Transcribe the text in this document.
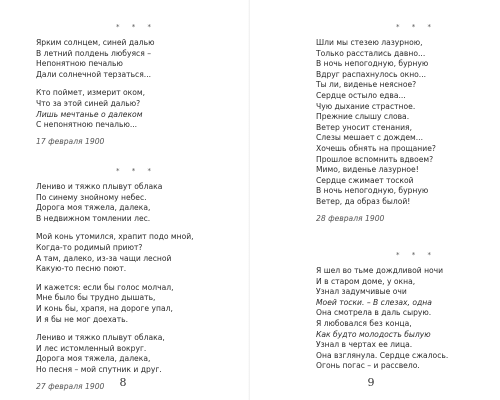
* * *
Ярким солнцем, синей далью
В летний полдень любуяся –
Непонятною печалью
Дали солнечной терзаться...
Кто поймет, измерит оком,
Что за этой синей далью?
Лишь мечтанье о далеком
С непонятною печалью...
17 февраля 1900
* * *
Лениво и тяжко плывут облака
По синему знойному небес.
Дорога моя тяжела, далека,
В недвижном томлении лес.
Мой конь утомился, храпит подо мной,
Когда-то родимый приют?
А там, далеко, из-за чащи лесной
Какую-то песню поют.
И кажется: если бы голос молчал,
Мне было бы трудно дышать,
И конь бы, храпя, на дороге упал,
И я бы не мог доехать.
Лениво и тяжко плывут облака,
И лес истомленный вокруг.
Дорога моя тяжела, далека,
Но песня – мой спутник и друг.
27 февраля 1900	8
* * *
Шли мы стезею лазурною,
Только расстались давно...
В ночь непогодную, бурную
Вдруг распахнулось окно...
Ты ли, виденье неясное?
Сердце остыло едва...
Чую дыхание страстное.
Прежние слышу слова.
Ветер уносит стенания,
Слезы мешает с дождем...
Хочешь обнять на прощание?
Прошлое вспомнить вдвоем?
Мимо, виденье лазурное!
Сердце сжимает тоской
В ночь непогодную, бурную
Ветер, да образ былой!
28 февраля 1900
* * *
Я шел во тьме дождливой ночи
И в старом доме, у окна,
Узнал задумчивые очи
Моей тоски. – В слезах, одна
Она смотрела в даль сырую.
Я любовался без конца,
Как будто молодость былую
Узнал в чертах ее лица.
Она взглянула. Сердце сжалось.
Огонь погас – и рассвело.
9
